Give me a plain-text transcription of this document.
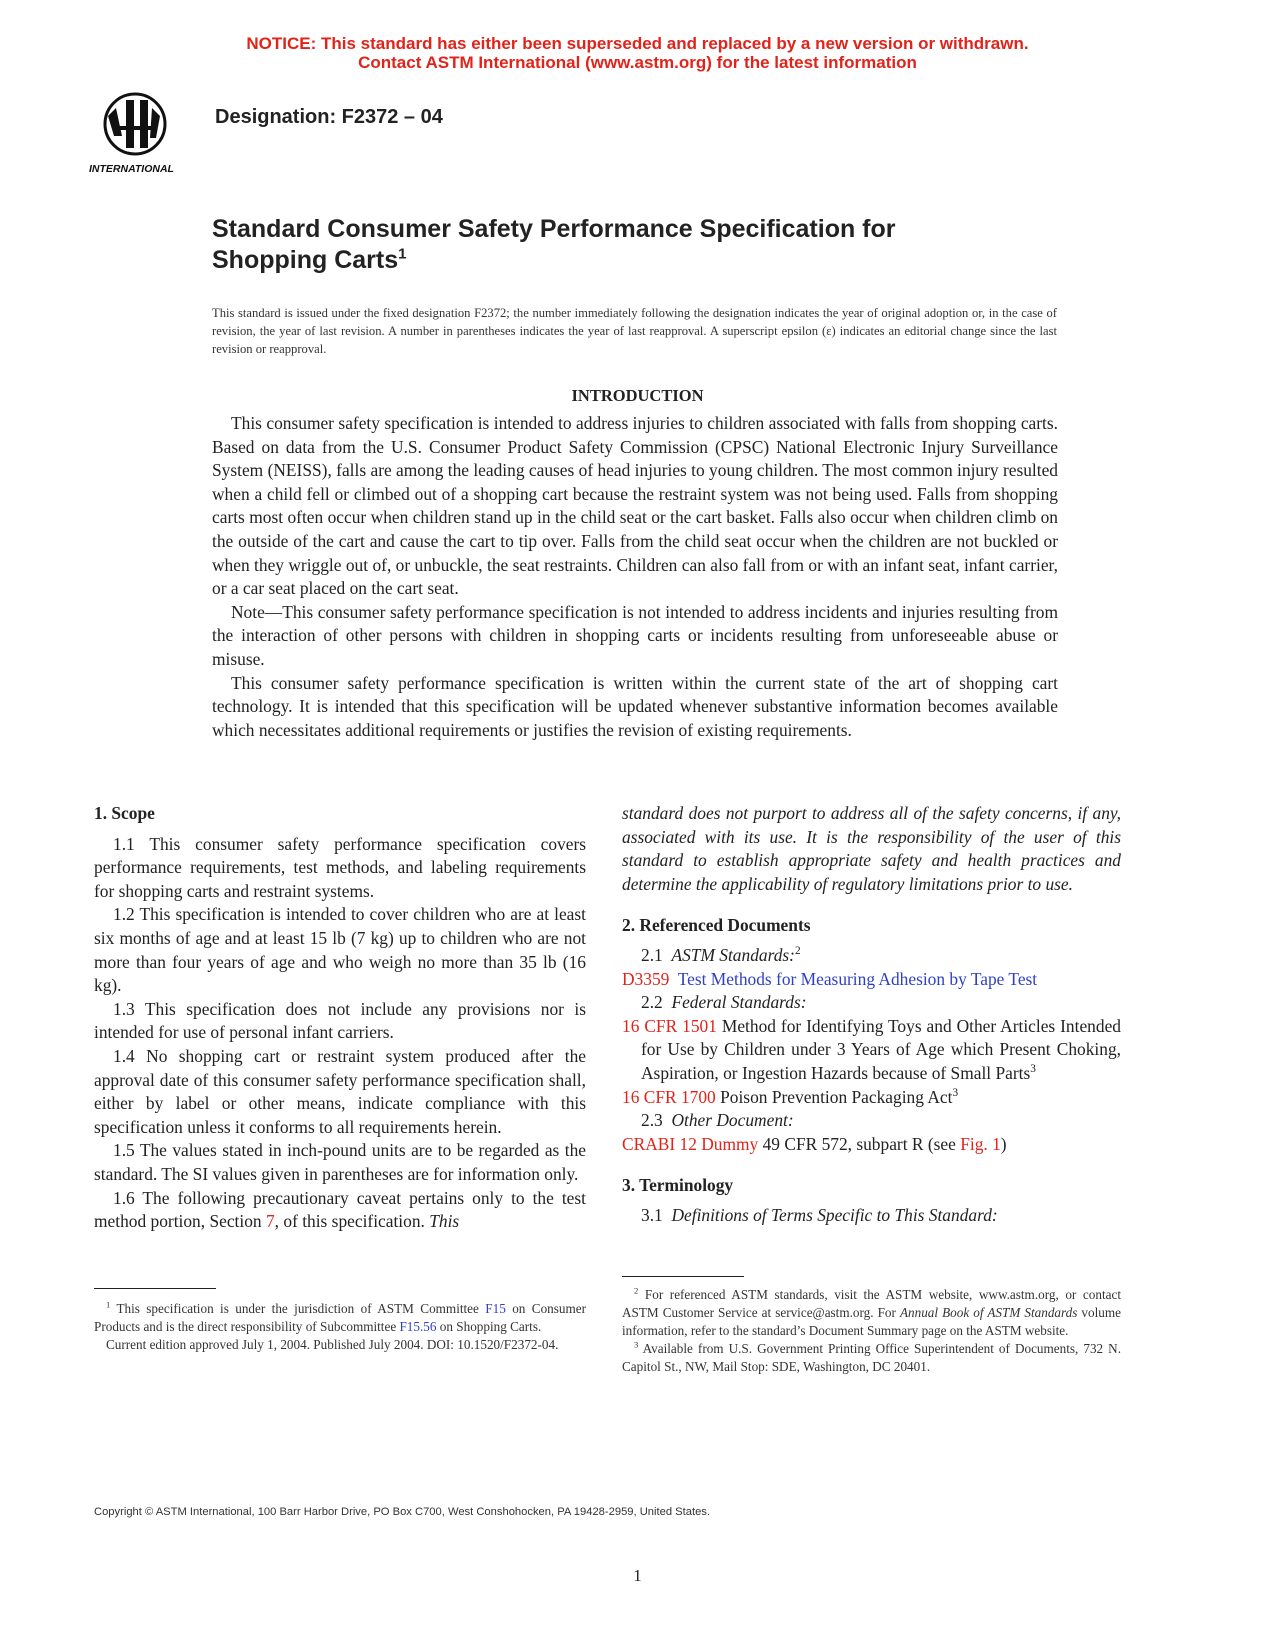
NOTICE: This standard has either been superseded and replaced by a new version or withdrawn.
Contact ASTM International (www.astm.org) for the latest information
INTERNATIONAL
Designation: F2372 – 04
Standard Consumer Safety Performance Specification for
Shopping Carts$^1$
This standard is issued under the fixed designation F2372; the number immediately following the designation indicates the year of original adoption or, in the case of revision, the year of last revision. A number in parentheses indicates the year of last reapproval. A superscript epsilon (ε) indicates an editorial change since the last revision or reapproval.
INTRODUCTION

This consumer safety specification is intended to address injuries to children associated with falls from shopping carts. Based on data from the U.S. Consumer Product Safety Commission (CPSC) National Electronic Injury Surveillance System (NEISS), falls are among the leading causes of head injuries to young children. The most common injury resulted when a child fell or climbed out of a shopping cart because the restraint system was not being used. Falls from shopping carts most often occur when children stand up in the child seat or the cart basket. Falls also occur when children climb on the outside of the cart and cause the cart to tip over. Falls from the child seat occur when the children are not buckled or when they wriggle out of, or unbuckle, the seat restraints. Children can also fall from or with an infant seat, infant carrier, or a car seat placed on the cart seat.

Note—This consumer safety performance specification is not intended to address incidents and injuries resulting from the interaction of other persons with children in shopping carts or incidents resulting from unforeseeable abuse or misuse.

This consumer safety performance specification is written within the current state of the art of shopping cart technology. It is intended that this specification will be updated whenever substantive information becomes available which necessitates additional requirements or justifies the revision of existing requirements.

1. Scope

1.1 This consumer safety performance specification covers performance requirements, test methods, and labeling requirements for shopping carts and restraint systems.

1.2 This specification is intended to cover children who are at least six months of age and at least 15 lb (7 kg) up to children who are not more than four years of age and who weigh no more than 35 lb (16 kg).

1.3 This specification does not include any provisions nor is intended for use of personal infant carriers.

1.4 No shopping cart or restraint system produced after the approval date of this consumer safety performance specification shall, either by label or other means, indicate compliance with this specification unless it conforms to all requirements herein.

1.5 The values stated in inch-pound units are to be regarded as the standard. The SI values given in parentheses are for information only.

1.6 The following precautionary caveat pertains only to the test method portion, Section 7, of this specification. This

$^1$ This specification is under the jurisdiction of ASTM Committee F15 on Consumer Products and is the direct responsibility of Subcommittee F15.56 on Shopping Carts.

Current edition approved July 1, 2004. Published July 2004. DOI: 10.1520/F2372-04.

standard does not purport to address all of the safety concerns, if any, associated with its use. It is the responsibility of the user of this standard to establish appropriate safety and health practices and determine the applicability of regulatory limitations prior to use.

2. Referenced Documents

2.1 ASTM Standards:$^2$

D3359 Test Methods for Measuring Adhesion by Tape Test

2.2 Federal Standards:

16 CFR 1501 Method for Identifying Toys and Other Articles Intended for Use by Children under 3 Years of Age which Present Choking, Aspiration, or Ingestion Hazards because of Small Parts$^3$

16 CFR 1700 Poison Prevention Packaging Act$^3$

2.3 Other Document:

CRABI 12 Dummy 49 CFR 572, subpart R (see Fig. 1)

3. Terminology

3.1 Definitions of Terms Specific to This Standard:

$^2$ For referenced ASTM standards, visit the ASTM website, www.astm.org, or contact ASTM Customer Service at service@astm.org. For Annual Book of ASTM Standards volume information, refer to the standard’s Document Summary page on the ASTM website.

$^3$ Available from U.S. Government Printing Office Superintendent of Documents, 732 N. Capitol St., NW, Mail Stop: SDE, Washington, DC 20401.

Copyright © ASTM International, 100 Barr Harbor Drive, PO Box C700, West Conshohocken, PA 19428-2959, United States.
1
